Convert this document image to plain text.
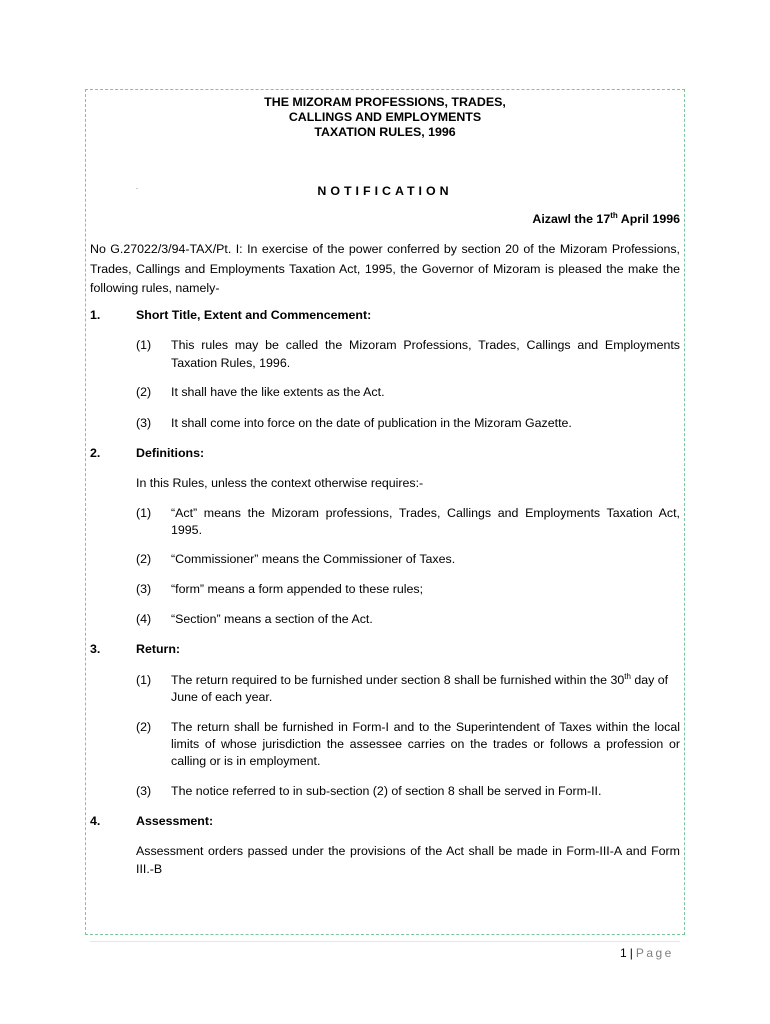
THE MIZORAM PROFESSIONS, TRADES,
CALLINGS AND EMPLOYMENTS
TAXATION RULES, 1996
NOTIFICATION
Aizawl the 17th April 1996
No G.27022/3/94-TAX/Pt. I: In exercise of the power conferred by section 20 of the Mizoram Professions,
Trades, Callings and Employments Taxation Act, 1995, the Governor of Mizoram is pleased the make the
following rules, namely-
1.	Short Title, Extent and Commencement:
(1) This rules may be called the Mizoram Professions, Trades, Callings and Employments
Taxation Rules, 1996.
(2) It shall have the like extents as the Act.
(3) It shall come into force on the date of publication in the Mizoram Gazette.
2.	Definitions:
In this Rules, unless the context otherwise requires:-
(1) “Act” means the Mizoram professions, Trades, Callings and Employments Taxation Act,
1995.
(2) “Commissioner” means the Commissioner of Taxes.
(3) “form” means a form appended to these rules;
(4) “Section” means a section of the Act.
3.	Return:
(1) The return required to be furnished under section 8 shall be furnished within the 30th day of
June of each year.
(2) The return shall be furnished in Form-I and to the Superintendent of Taxes within the local
limits of whose jurisdiction the assessee carries on the trades or follows a profession or
calling or is in employment.
(3) The notice referred to in sub-section (2) of section 8 shall be served in Form-II.
4.	Assessment:
Assessment orders passed under the provisions of the Act shall be made in Form-III-A and Form
III.-B
1 | Page
